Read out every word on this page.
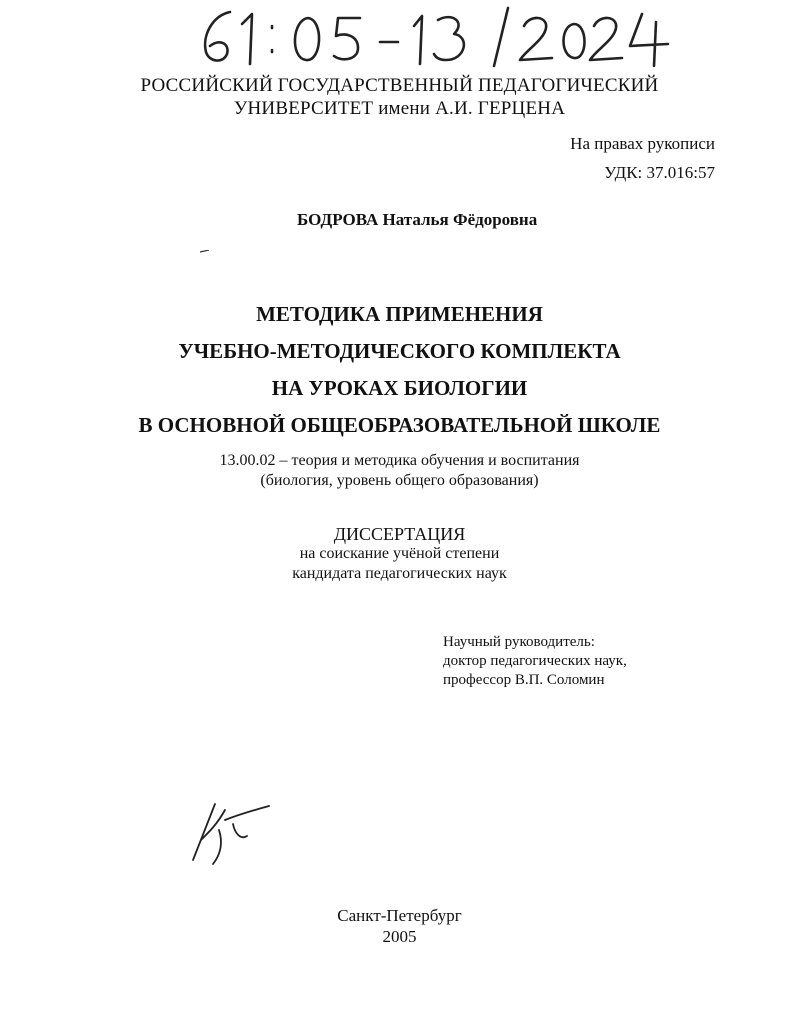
РОССИЙСКИЙ ГОСУДАРСТВЕННЫЙ ПЕДАГОГИЧЕСКИЙ
УНИВЕРСИТЕТ имени А.И. ГЕРЦЕНА
На правах рукописи
УДК: 37.016:57
БОДРОВА Наталья Фёдоровна
МЕТОДИКА ПРИМЕНЕНИЯ
УЧЕБНО-МЕТОДИЧЕСКОГО КОМПЛЕКТА
НА УРОКАХ БИОЛОГИИ
В ОСНОВНОЙ ОБЩЕОБРАЗОВАТЕЛЬНОЙ ШКОЛЕ
13.00.02 – теория и методика обучения и воспитания
(биология, уровень общего образования)
ДИССЕРТАЦИЯ
на соискание учёной степени
кандидата педагогических наук
Научный руководитель:
доктор педагогических наук,
профессор В.П. Соломин
Санкт-Петербург
2005
